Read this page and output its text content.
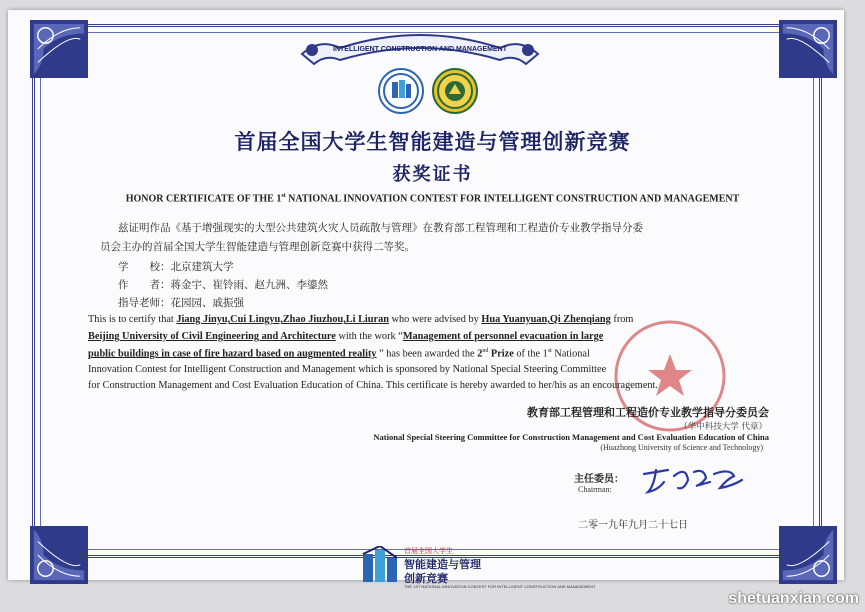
INTELLIGENT CONSTRUCTION AND MANAGEMENT
首届全国大学生智能建造与管理创新竞赛
获奖证书
HONOR CERTIFICATE OF THE 1st NATIONAL INNOVATION CONTEST FOR INTELLIGENT CONSTRUCTION AND MANAGEMENT
兹证明作品《基于增强现实的大型公共建筑火灾人员疏散与管理》在教育部工程管理和工程造价专业教学指导分委
员会主办的首届全国大学生智能建造与管理创新竞赛中获得二等奖。
学　　校：北京建筑大学
作　　者：蒋金宇、崔铃雨、赵九洲、李鎏然
指导老师：花园园、戚振强
This is to certify that Jiang Jinyu,Cui Lingyu,Zhao Jiuzhou,Li Liuran who were advised by Hua Yuanyuan,Qi Zhenqiang from
Beijing University of Civil Engineering and Architecture with the work “Management of personnel evacuation in large
public buildings in case of fire hazard based on augmented reality ” has been awarded the 2nd Prize of the 1st National
Innovation Contest for Intelligent Construction and Management which is sponsored by National Special Steering Committee
for Construction Management and Cost Evaluation Education of China. This certificate is hereby awarded to her/his as an encouragement.
教育部工程管理和工程造价专业教学指导分委员会
（华中科技大学 代章）
National Special Steering Committee for Construction Management and Cost Evaluation Education of China
(Huazhong University of Science and Technology)
主任委员：
Chairman:
二零一九年九月二十七日
首届全国大学生
智能建造与管理
创新竞赛
THE 1ST NATIONAL INNOVATION CONTEST FOR INTELLIGENT CONSTRUCTION AND MANAGEMENT
shetuanxian.com
